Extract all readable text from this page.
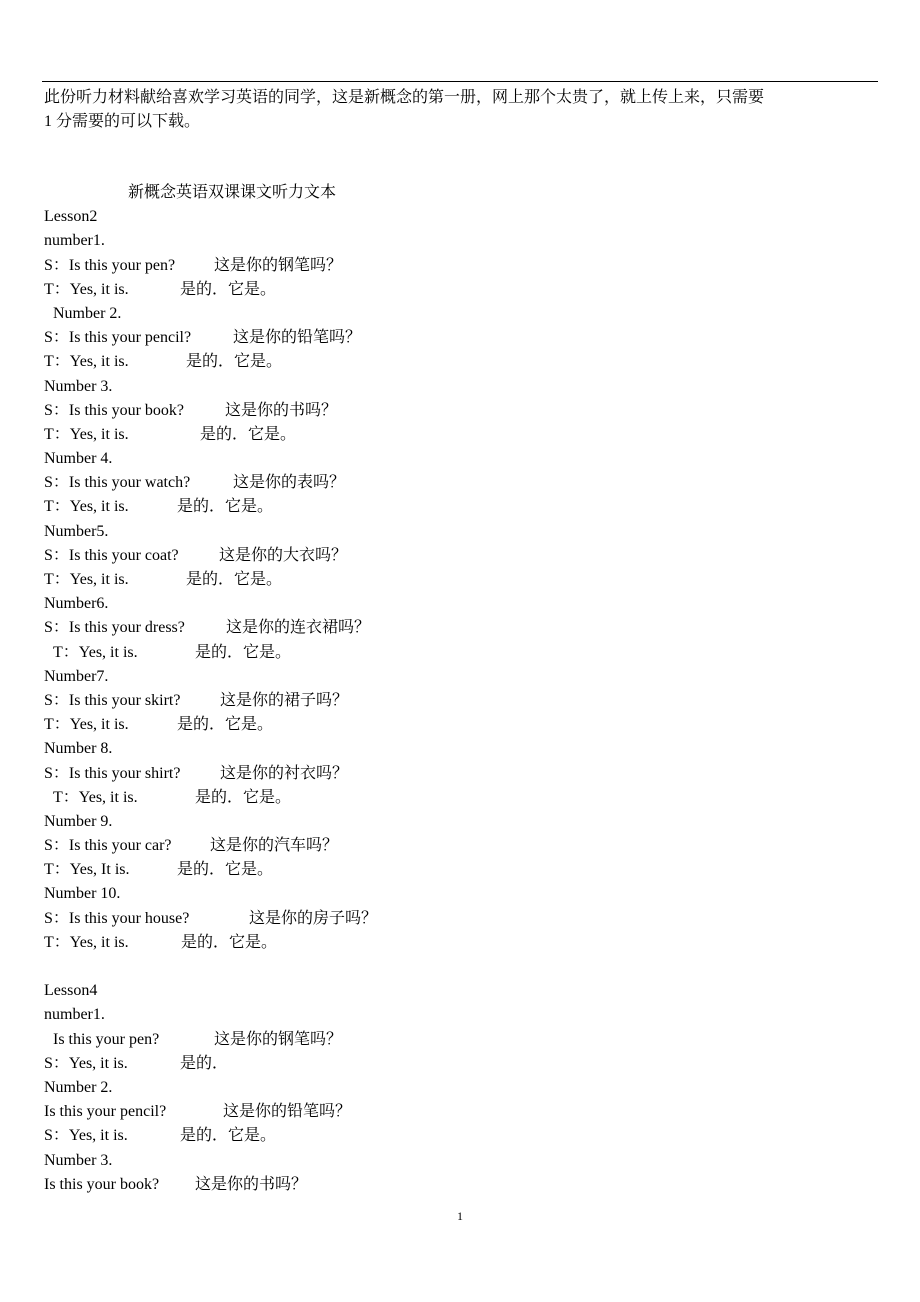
此份听力材料献给喜欢学习英语的同学，这是新概念的第一册，网上那个太贵了，就上传上来，只需要

1 分需要的可以下载。

新概念英语双课课文听力文本
Lesson2
number1.
S：Is this your pen? 这是你的钢笔吗？
T：Yes, it is.	是的．它是。
Number 2.
S：Is this your pencil?	这是你的铅笔吗？
T：Yes, it is.	是的．它是。
Number 3.
S：Is this your book?	这是你的书吗？
T：Yes, it is.	是的．它是。
Number 4.
S：Is this your watch?	这是你的表吗？
T：Yes, it is.	是的．它是。
Number5.
S：Is this your coat?	这是你的大衣吗？
T：Yes, it is.	是的．它是。
Number6.
S：Is this your dress?	这是你的连衣裙吗？
T：Yes, it is.	是的．它是。
Number7.
S：Is this your skirt? 这是你的裙子吗？
T：Yes, it is.	是的．它是。
Number 8.
S：Is this your shirt? 这是你的衬衣吗？
T：Yes, it is.	是的．它是。
Number 9.
S：Is this your car? 这是你的汽车吗？
T：Yes, It is.	是的．它是。
Number 10.
S：Is this your house?	这是你的房子吗？
T：Yes, it is.	是的．它是。
Lesson4
number1.
Is this your pen?	这是你的钢笔吗？
S：Yes, it is.	是的．
Number 2.
Is this your pencil?	这是你的铅笔吗？
S：Yes, it is.	是的．它是。
Number 3.
Is this your book? 这是你的书吗？
1
